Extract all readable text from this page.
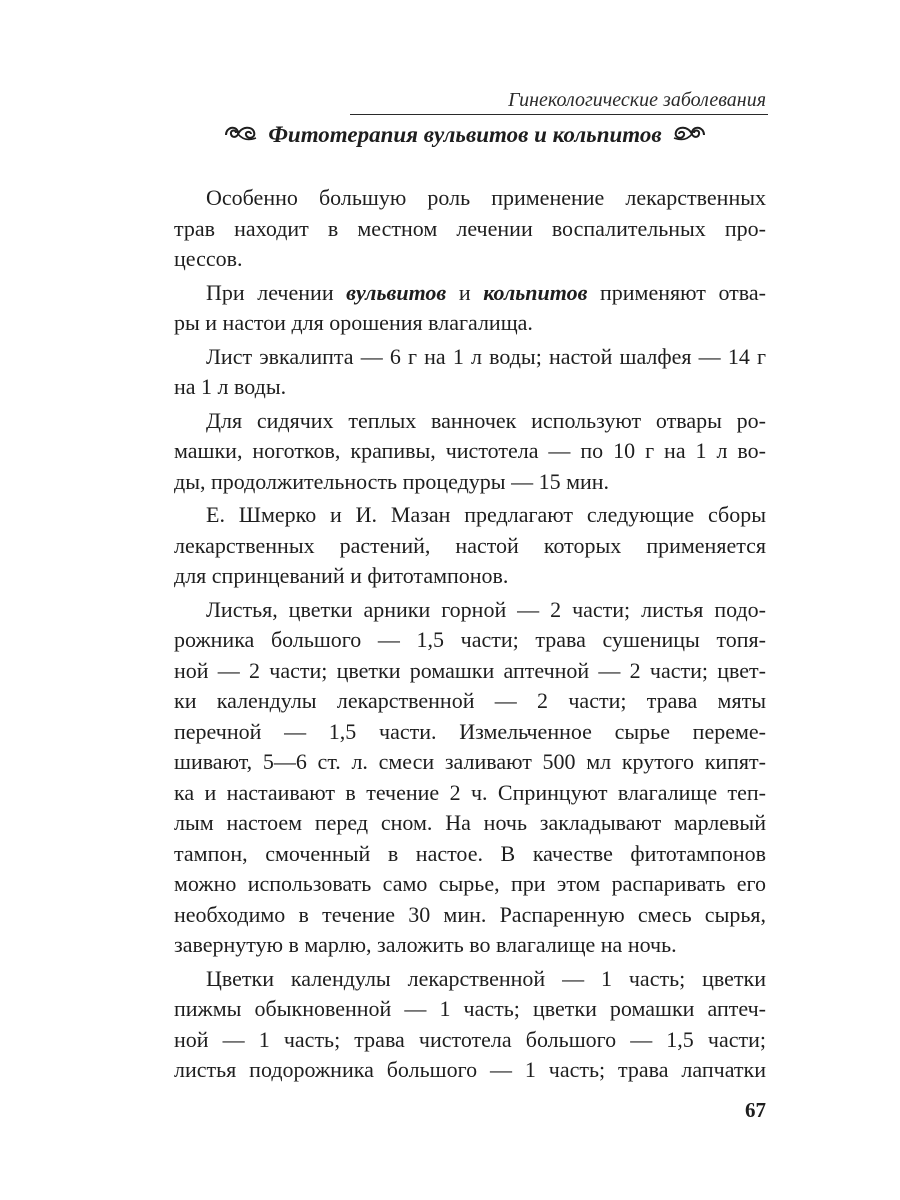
Гинекологические заболевания
Фитотерапия вульвитов и кольпитов
Особенно большую роль применение лекарственных
трав находит в местном лечении воспалительных про-
цессов.
При лечении вульвитов и кольпитов применяют отва-
ры и настои для орошения влагалища.
Лист эвкалипта — 6 г на 1 л воды; настой шалфея — 14 г
на 1 л воды.
Для сидячих теплых ванночек используют отвары ро-
машки, ноготков, крапивы, чистотела — по 10 г на 1 л во-
ды, продолжительность процедуры — 15 мин.
Е. Шмерко и И. Мазан предлагают следующие сборы
лекарственных растений, настой которых применяется
для спринцеваний и фитотампонов.
Листья, цветки арники горной — 2 части; листья подо-
рожника большого — 1,5 части; трава сушеницы топя-
ной — 2 части; цветки ромашки аптечной — 2 части; цвет-
ки календулы лекарственной — 2 части; трава мяты
перечной — 1,5 части. Измельченное сырье переме-
шивают, 5—6 ст. л. смеси заливают 500 мл крутого кипят-
ка и настаивают в течение 2 ч. Спринцуют влагалище теп-
лым настоем перед сном. На ночь закладывают марлевый
тампон, смоченный в настое. В качестве фитотампонов
можно использовать само сырье, при этом распаривать его
необходимо в течение 30 мин. Распаренную смесь сырья,
завернутую в марлю, заложить во влагалище на ночь.
Цветки календулы лекарственной — 1 часть; цветки
пижмы обыкновенной — 1 часть; цветки ромашки аптеч-
ной — 1 часть; трава чистотела большого — 1,5 части;
листья подорожника большого — 1 часть; трава лапчатки
67
